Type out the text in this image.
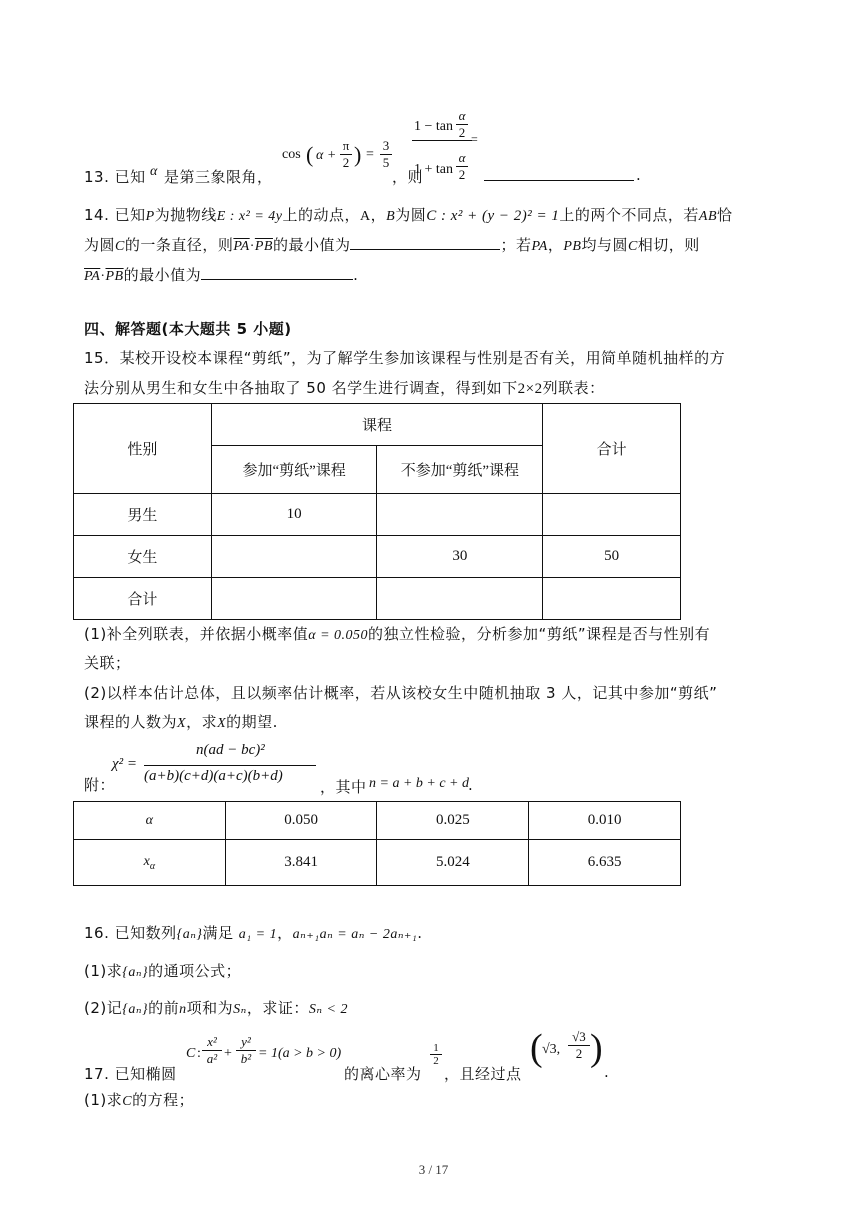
13. 已知 α 是第三象限角，
cos ( α +
π
2 ) =
3
5
，则
1 − tan
α
2 =
1 + tan
α
2	.
14. 已知P为抛物线E : x² = 4y上的动点，A，B为圆C : x² + (y − 2)² = 1上的两个不同点，若AB恰
为圆C的一条直径，则$\overline{PA}\cdot\overline{PB}$的最小值为	；若PA，PB均与圆C相切，则
$\overline{PA}\cdot\overline{PB}$的最小值为	.
四、解答题(本大题共 5 小题)
15．某校开设校本课程“剪纸”，为了解学生参加该课程与性别是否有关，用简单随机抽样的方
法分别从男生和女生中各抽取了 50 名学生进行调查，得到如下2×2列联表：
性别	课程		合计
	参加“剪纸”课程	不参加“剪纸”课程	
男生	10		
女生		30	50
合计			
(1)补全列联表，并依据小概率值α = 0.050的独立性检验，分析参加“剪纸”课程是否与性别有
关联；
(2)以样本估计总体，且以频率估计概率，若从该校女生中随机抽取 3 人，记其中参加“剪纸”
课程的人数为X，求X的期望.
附：
χ² =
n(ad − bc)²
(a+b)(c+d)(a+c)(b+d)
，其中 n = a + b + c + d
.
α	0.050	0.025	0.010
$x_\alpha$	3.841	5.024	6.635
16. 已知数列{aₙ}满足 a₁ = 1，aₙ₊₁aₙ = aₙ − 2aₙ₊₁.
(1)求{aₙ}的通项公式；
(2)记{aₙ}的前n项和为Sₙ，求证：Sₙ < 2
17. 已知椭圆
C :
x²
a² +
y²
b² = 1(a > b > 0)
的离心率为
$\frac{1}{2}$
，且经过点
( √3, $\frac{√3}{2}$ )
.
(1)求C的方程；
3 / 17
